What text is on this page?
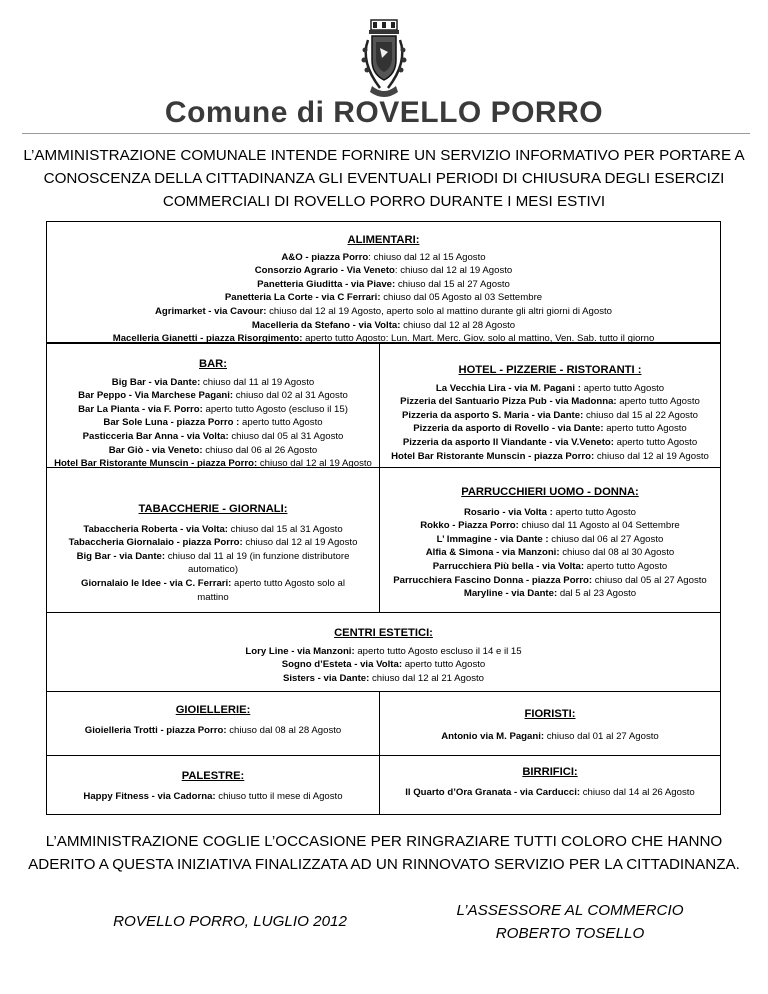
Comune di ROVELLO PORRO
L’AMMINISTRAZIONE COMUNALE INTENDE FORNIRE UN SERVIZIO INFORMATIVO PER PORTARE A
CONOSCENZA DELLA CITTADINANZA GLI EVENTUALI PERIODI DI CHIUSURA DEGLI ESERCIZI
COMMERCIALI DI ROVELLO PORRO DURANTE I MESI ESTIVI
ALIMENTARI:
A&O - piazza Porro: chiuso dal 12 al 15 Agosto
Consorzio Agrario - Via Veneto: chiuso dal 12 al 19 Agosto
Panetteria Giuditta - via Piave: chiuso dal 15 al 27 Agosto
Panetteria La Corte - via C Ferrari: chiuso dal 05 Agosto al 03 Settembre
Agrimarket - via Cavour: chiuso dal 12 al 19 Agosto, aperto solo al mattino durante gli altri giorni di Agosto
Macelleria da Stefano - via Volta: chiuso dal 12 al 28 Agosto
Macelleria Gianetti - piazza Risorgimento: aperto tutto Agosto: Lun. Mart. Merc. Giov. solo al mattino, Ven. Sab. tutto il giorno
BAR:
Big Bar - via Dante: chiuso dal 11 al 19 Agosto
Bar Peppo - Via Marchese Pagani: chiuso dal 02 al 31 Agosto
Bar La Pianta - via F. Porro: aperto tutto Agosto (escluso il 15)
Bar Sole Luna - piazza Porro : aperto tutto Agosto
Pasticceria Bar Anna - via Volta: chiuso dal 05 al 31 Agosto
Bar Giò - via Veneto: chiuso dal 06 al 26 Agosto
Hotel Bar Ristorante Munscin - piazza Porro: chiuso dal 12 al 19 Agosto
HOTEL - PIZZERIE - RISTORANTI :
La Vecchia Lira - via M. Pagani : aperto tutto Agosto
Pizzeria del Santuario Pizza Pub - via Madonna: aperto tutto Agosto
Pizzeria da asporto S. Maria - via Dante: chiuso dal 15 al 22 Agosto
Pizzeria da asporto di Rovello - via Dante: aperto tutto Agosto
Pizzeria da asporto Il Viandante - via V.Veneto: aperto tutto Agosto
Hotel Bar Ristorante Munscin - piazza Porro: chiuso dal 12 al 19 Agosto
TABACCHERIE - GIORNALI:
Tabaccheria Roberta - via Volta: chiuso dal 15 al 31 Agosto
Tabaccheria Giornalaio - piazza Porro: chiuso dal 12 al 19 Agosto
Big Bar - via Dante: chiuso dal 11 al 19 (in funzione distributore
automatico)
Giornalaio le Idee - via C. Ferrari: aperto tutto Agosto solo al mattino
PARRUCCHIERI UOMO - DONNA:
Rosario - via Volta : aperto tutto Agosto
Rokko - Piazza Porro: chiuso dal 11 Agosto al 04 Settembre
L’ Immagine - via Dante : chiuso dal 06 al 27 Agosto
Alfia & Simona - via Manzoni: chiuso dal 08 al 30 Agosto
Parrucchiera Più bella - via Volta: aperto tutto Agosto
Parrucchiera Fascino Donna - piazza Porro: chiuso dal 05 al 27 Agosto
Maryline - via Dante: dal 5 al 23 Agosto
CENTRI ESTETICI:
Lory Line - via Manzoni: aperto tutto Agosto escluso il 14 e il 15
Sogno d’Esteta - via Volta: aperto tutto Agosto
Sisters - via Dante: chiuso dal 12 al 21 Agosto
GIOIELLERIE:
Gioielleria Trotti - piazza Porro: chiuso dal 08 al 28 Agosto
FIORISTI:
Antonio via M. Pagani: chiuso dal 01 al 27 Agosto
PALESTRE:
Happy Fitness - via Cadorna: chiuso tutto il mese di Agosto
BIRRIFICI:
Il Quarto d’Ora Granata - via Carducci: chiuso dal 14 al 26 Agosto
L’AMMINISTRAZIONE COGLIE L’OCCASIONE PER RINGRAZIARE TUTTI COLORO CHE HANNO
ADERITO A QUESTA INIZIATIVA FINALIZZATA AD UN RINNOVATO SERVIZIO PER LA CITTADINANZA.
ROVELLO PORRO, LUGLIO 2012
L’ASSESSORE AL COMMERCIO
ROBERTO TOSELLO
